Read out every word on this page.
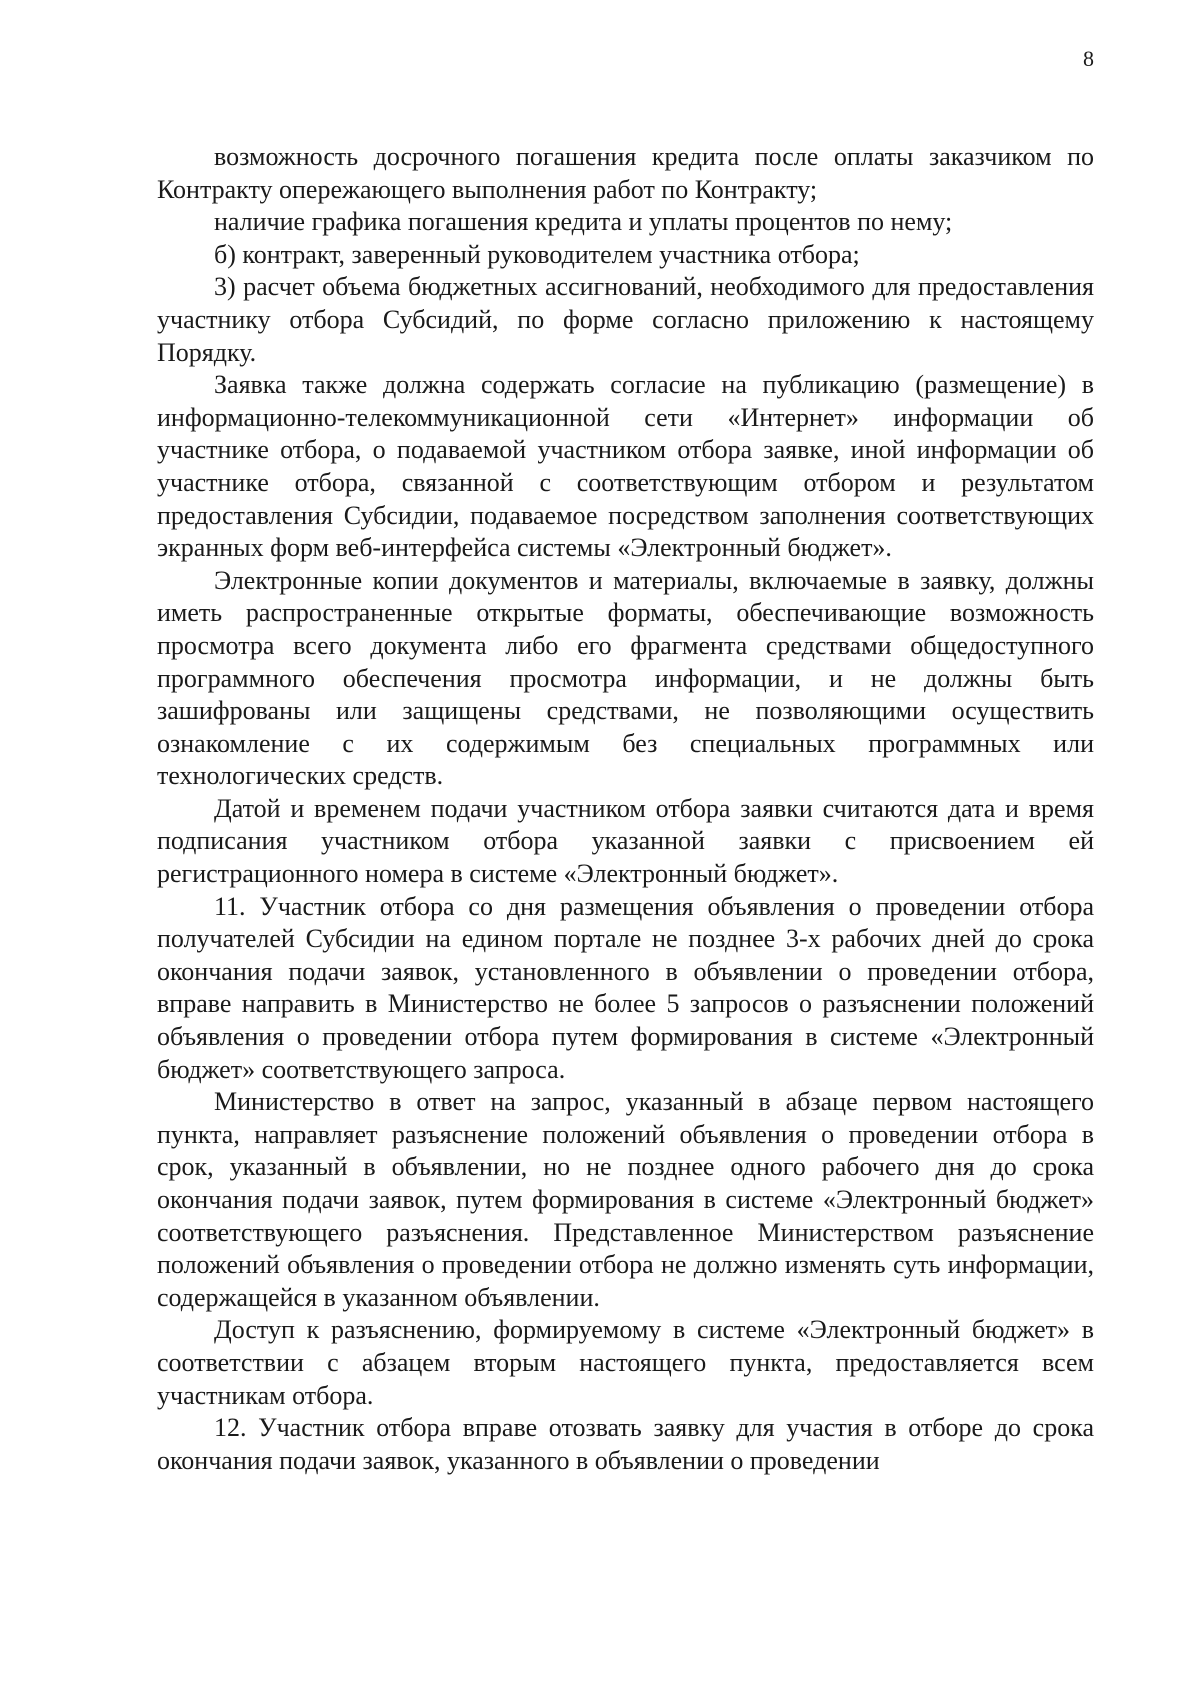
8

возможность досрочного погашения кредита после оплаты заказчиком по Контракту опережающего выполнения работ по Контракту;

наличие графика погашения кредита и уплаты процентов по нему;

б) контракт, заверенный руководителем участника отбора;

3) расчет объема бюджетных ассигнований, необходимого для предоставления участнику отбора Субсидий, по форме согласно приложению к настоящему Порядку.

Заявка также должна содержать согласие на публикацию (размещение) в информационно-телекоммуникационной сети «Интернет» информации об участнике отбора, о подаваемой участником отбора заявке, иной информации об участнике отбора, связанной с соответствующим отбором и результатом предоставления Субсидии, подаваемое посредством заполнения соответствующих экранных форм веб-интерфейса системы «Электронный бюджет».

Электронные копии документов и материалы, включаемые в заявку, должны иметь распространенные открытые форматы, обеспечивающие возможность просмотра всего документа либо его фрагмента средствами общедоступного программного обеспечения просмотра информации, и не должны быть зашифрованы или защищены средствами, не позволяющими осуществить ознакомление с их содержимым без специальных программных или технологических средств.

Датой и временем подачи участником отбора заявки считаются дата и время подписания участником отбора указанной заявки с присвоением ей регистрационного номера в системе «Электронный бюджет».

11. Участник отбора со дня размещения объявления о проведении отбора получателей Субсидии на едином портале не позднее 3-х рабочих дней до срока окончания подачи заявок, установленного в объявлении о проведении отбора, вправе направить в Министерство не более 5 запросов о разъяснении положений объявления о проведении отбора путем формирования в системе «Электронный бюджет» соответствующего запроса.

Министерство в ответ на запрос, указанный в абзаце первом настоящего пункта, направляет разъяснение положений объявления о проведении отбора в срок, указанный в объявлении, но не позднее одного рабочего дня до срока окончания подачи заявок, путем формирования в системе «Электронный бюджет» соответствующего разъяснения. Представленное Министерством разъяснение положений объявления о проведении отбора не должно изменять суть информации, содержащейся в указанном объявлении.

Доступ к разъяснению, формируемому в системе «Электронный бюджет» в соответствии с абзацем вторым настоящего пункта, предоставляется всем участникам отбора.

12. Участник отбора вправе отозвать заявку для участия в отборе до срока окончания подачи заявок, указанного в объявлении о проведении
